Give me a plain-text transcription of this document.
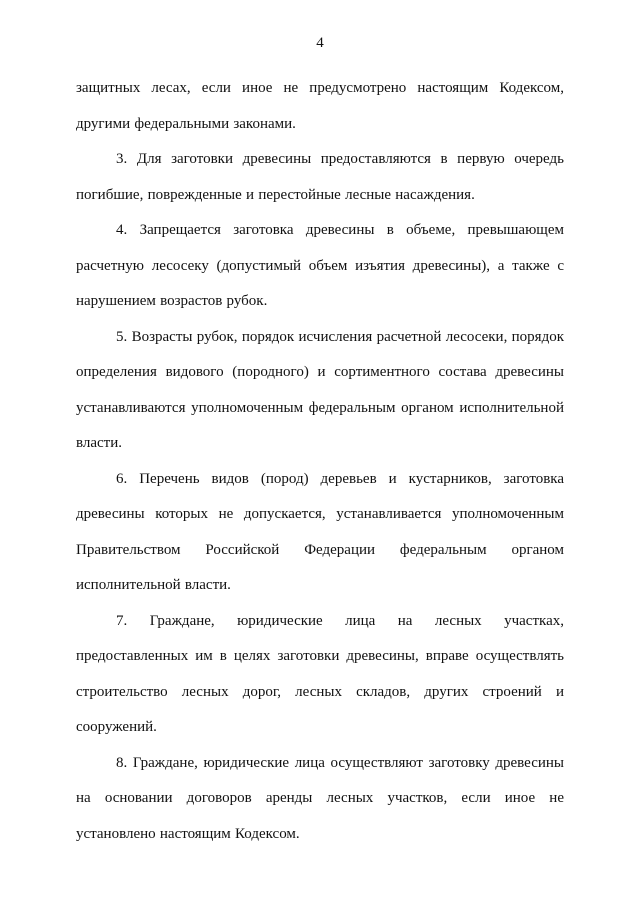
4

защитных лесах, если иное не предусмотрено настоящим Кодексом, другими федеральными законами.

3. Для заготовки древесины предоставляются в первую очередь погибшие, поврежденные и перестойные лесные насаждения.

4. Запрещается заготовка древесины в объеме, превышающем расчетную лесосеку (допустимый объем изъятия древесины), а также с нарушением возрастов рубок.

5. Возрасты рубок, порядок исчисления расчетной лесосеки, порядок определения видового (породного) и сортиментного состава древесины устанавливаются уполномоченным федеральным органом исполнительной власти.

6. Перечень видов (пород) деревьев и кустарников, заготовка древесины которых не допускается, устанавливается уполномоченным Правительством Российской Федерации федеральным органом исполнительной власти.

7. Граждане, юридические лица на лесных участках, предоставленных им в целях заготовки древесины, вправе осуществлять строительство лесных дорог, лесных складов, других строений и сооружений.

8. Граждане, юридические лица осуществляют заготовку древесины на основании договоров аренды лесных участков, если иное не установлено настоящим Кодексом.
